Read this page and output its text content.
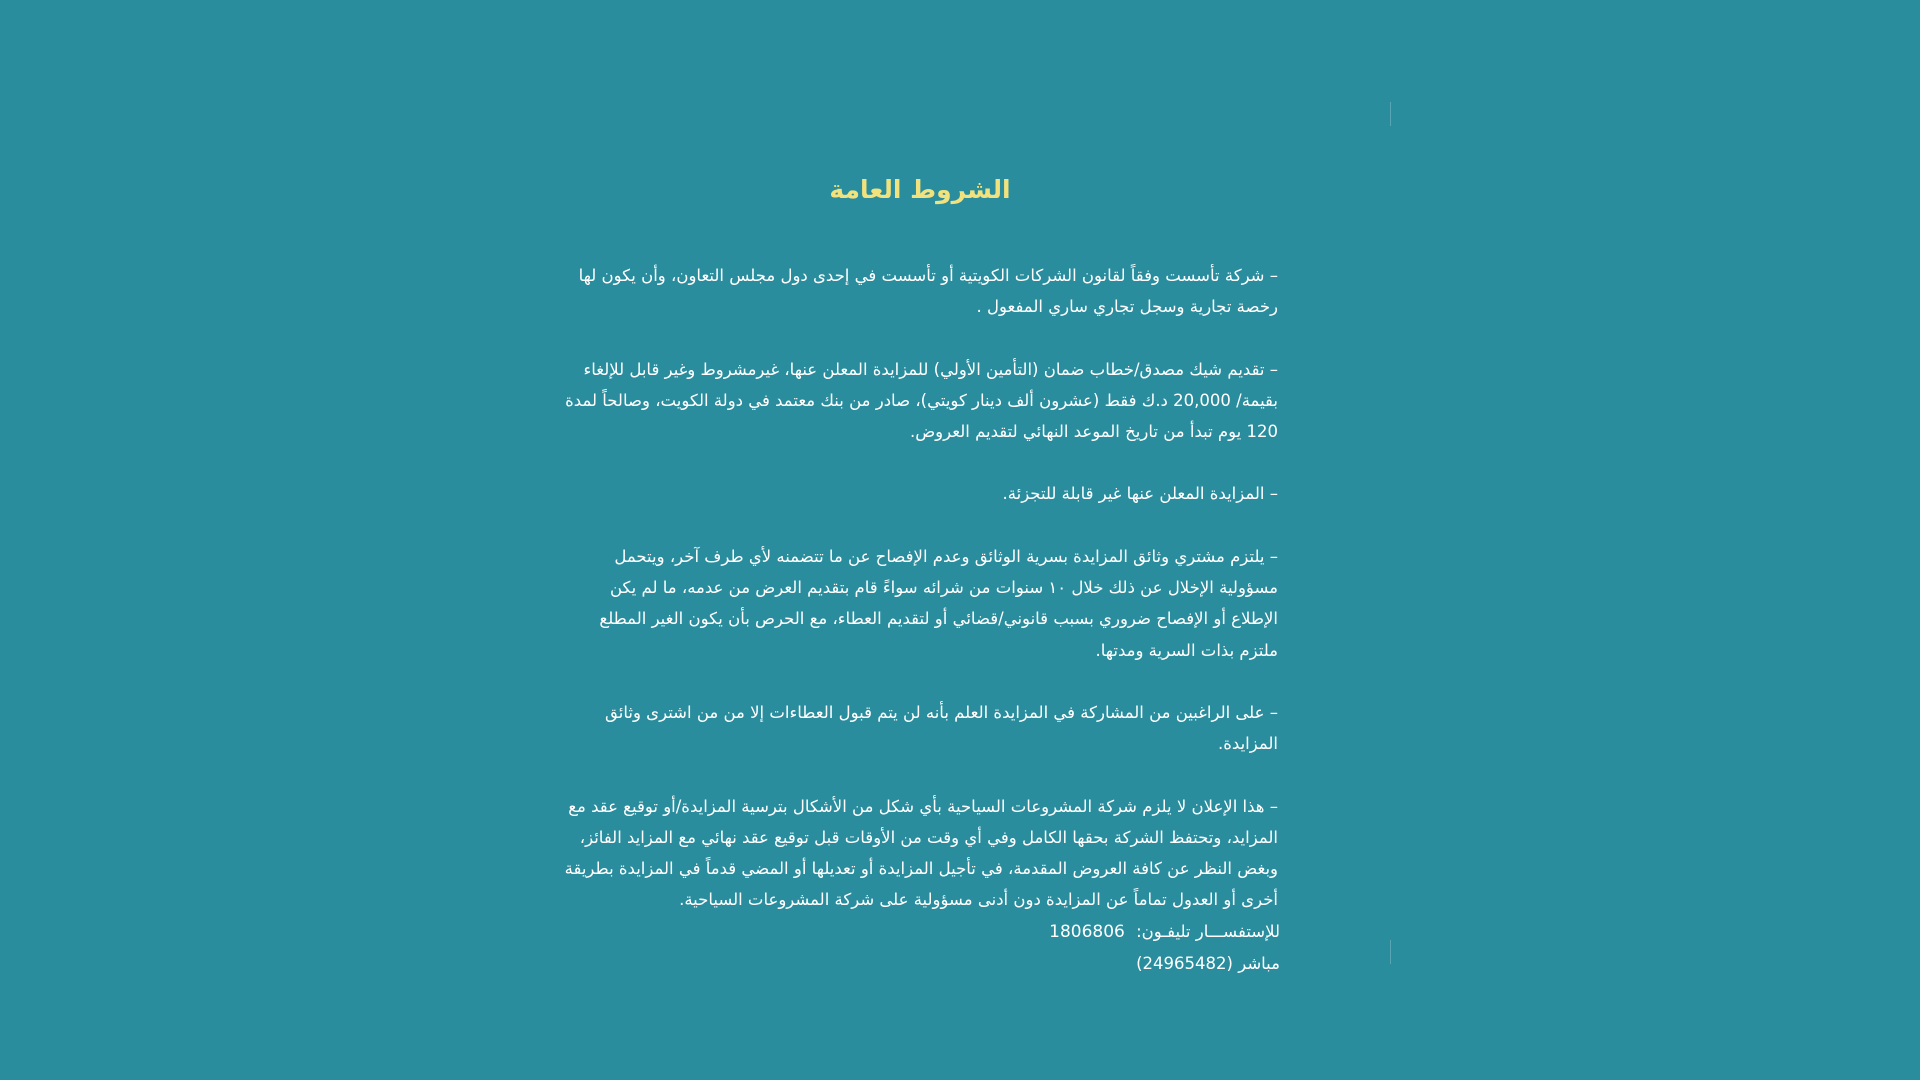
الشروط العامة

– شركة تأسست وفقاً لقانون الشركات الكويتية أو تأسست في إحدى دول مجلس التعاون، وأن يكون لها رخصة تجارية وسجل تجاري ساري المفعول .

– تقديم شيك مصدق/خطاب ضمان (التأمين الأولي) للمزايدة المعلن عنها، غيرمشروط وغير قابل للإلغاء بقيمة/ 20,000 د.ك فقط (عشرون ألف دينار كويتي)، صادر من بنك معتمد في دولة الكويت، وصالحاً لمدة 120 يوم تبدأ من تاريخ الموعد النهائي لتقديم العروض.

– المزايدة المعلن عنها غير قابلة للتجزئة.

– يلتزم مشتري وثائق المزايدة بسرية الوثائق وعدم الإفصاح عن ما تتضمنه لأي طرف آخر، ويتحمل مسؤولية الإخلال عن ذلك خلال ١٠ سنوات من شرائه سواءً قام بتقديم العرض من عدمه، ما لم يكن الإطلاع أو الإفصاح ضروري بسبب قانوني/قضائي أو لتقديم العطاء، مع الحرص بأن يكون الغير المطلع ملتزم بذات السرية ومدتها.

– على الراغبين من المشاركة في المزايدة العلم بأنه لن يتم قبول العطاءات إلا من من اشترى وثائق المزايدة.

– هذا الإعلان لا يلزم شركة المشروعات السياحية بأي شكل من الأشكال بترسية المزايدة/أو توقيع عقد مع المزايد، وتحتفظ الشركة بحقها الكامل وفي أي وقت من الأوقات قبل توقيع عقد نهائي مع المزايد الفائز، وبغض النظر عن كافة العروض المقدمة، في تأجيل المزايدة أو تعديلها أو المضي قدماً في المزايدة بطريقة أخرى أو العدول تماماً عن المزايدة دون أدنى مسؤولية على شركة المشروعات السياحية.

للإستفســـار تليفـون: 1806806

مباشر (24965482)
